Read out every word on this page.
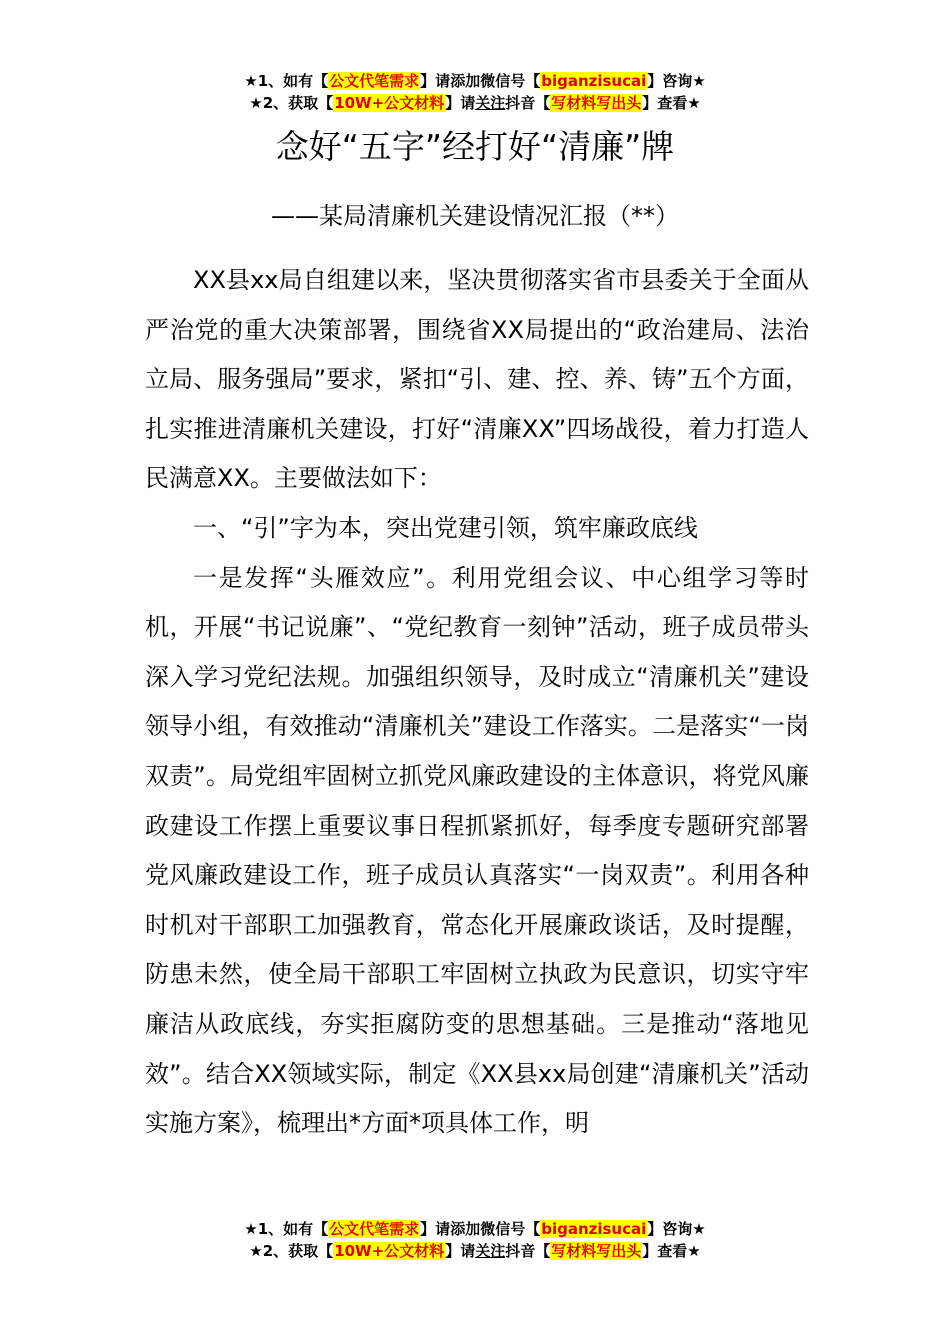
★1、如有【公文代笔需求】请添加微信号【biganzisucai】咨询★
★2、获取【10W+公文材料】请关注抖音【写材料写出头】查看★
念好“五字”经打好“清廉”牌
——某局清廉机关建设情况汇报（**）

XX县xx局自组建以来，坚决贯彻落实省市县委关于全面从严治党的重大决策部署，围绕省XX局提出的“政治建局、法治立局、服务强局”要求，紧扣“引、建、控、养、铸”五个方面，扎实推进清廉机关建设，打好“清廉XX”四场战役，着力打造人民满意XX。主要做法如下：

一、“引”字为本，突出党建引领，筑牢廉政底线

一是发挥“头雁效应”。利用党组会议、中心组学习等时机，开展“书记说廉”、“党纪教育一刻钟”活动，班子成员带头深入学习党纪法规。加强组织领导，及时成立“清廉机关”建设领导小组，有效推动“清廉机关”建设工作落实。二是落实“一岗双责”。局党组牢固树立抓党风廉政建设的主体意识，将党风廉政建设工作摆上重要议事日程抓紧抓好，每季度专题研究部署党风廉政建设工作，班子成员认真落实“一岗双责”。利用各种时机对干部职工加强教育，常态化开展廉政谈话，及时提醒，防患未然，使全局干部职工牢固树立执政为民意识，切实守牢廉洁从政底线，夯实拒腐防变的思想基础。三是推动“落地见效”。结合XX领域实际，制定《XX县xx局创建“清廉机关”活动实施方案》，梳理出*方面*项具体工作，明

★1、如有【公文代笔需求】请添加微信号【biganzisucai】咨询★
★2、获取【10W+公文材料】请关注抖音【写材料写出头】查看★
